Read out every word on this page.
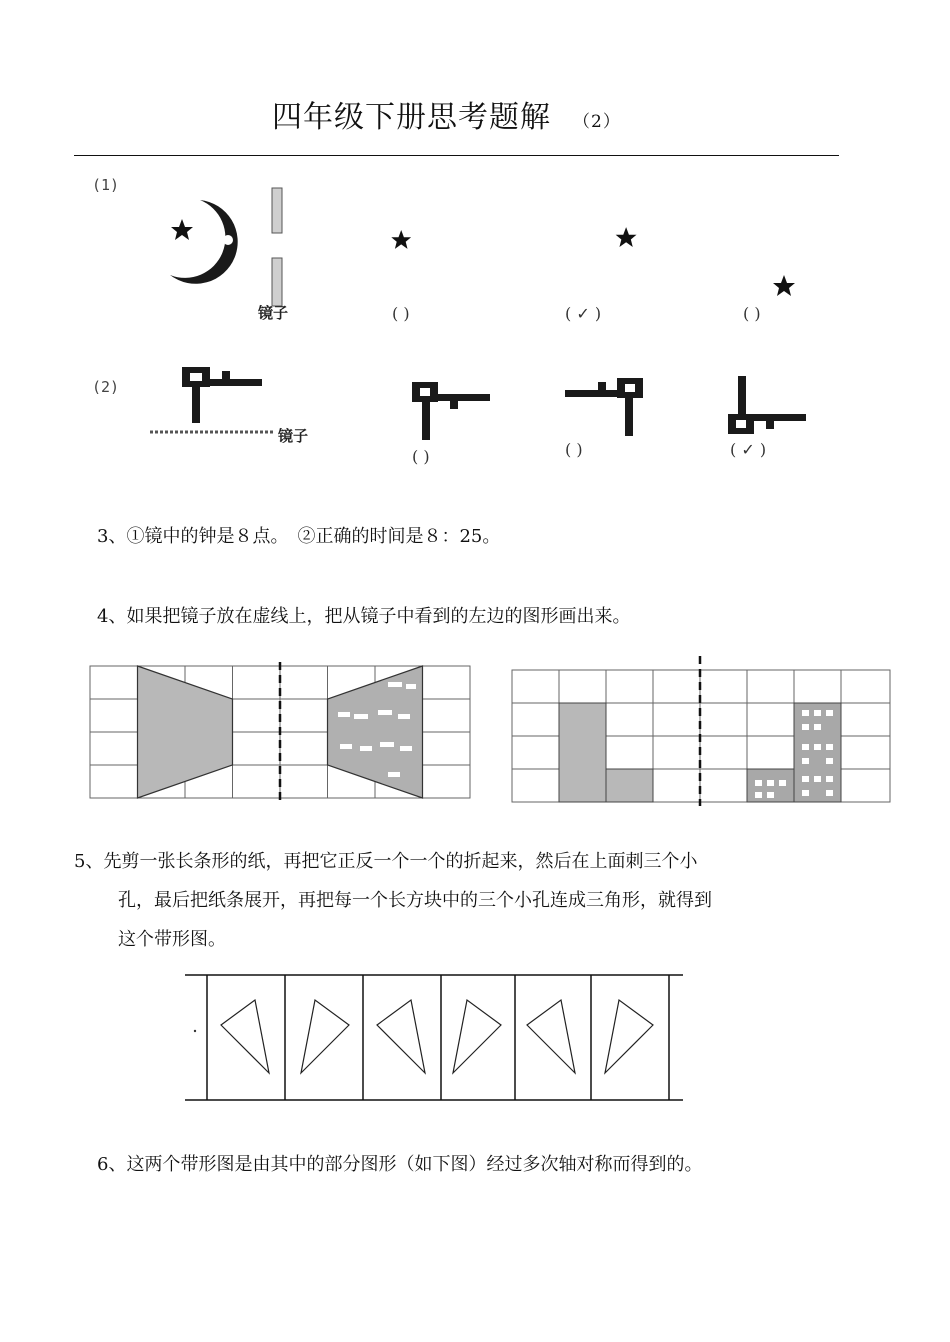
四年级下册思考题解 （2）
(1)
镜子	( )	( ✓ )	( )
(2)
镜子
( )	( )	( ✓ )
3、①镜中的钟是８点。　②正确的时间是８：25。
4、如果把镜子放在虚线上，把从镜子中看到的左边的图形画出来。
5、先剪一张长条形的纸，再把它正反一个一个的折起来，然后在上面刺三个小
孔，最后把纸条展开，再把每一个长方块中的三个小孔连成三角形，就得到
这个带形图。
6、这两个带形图是由其中的部分图形（如下图）经过多次轴对称而得到的。
